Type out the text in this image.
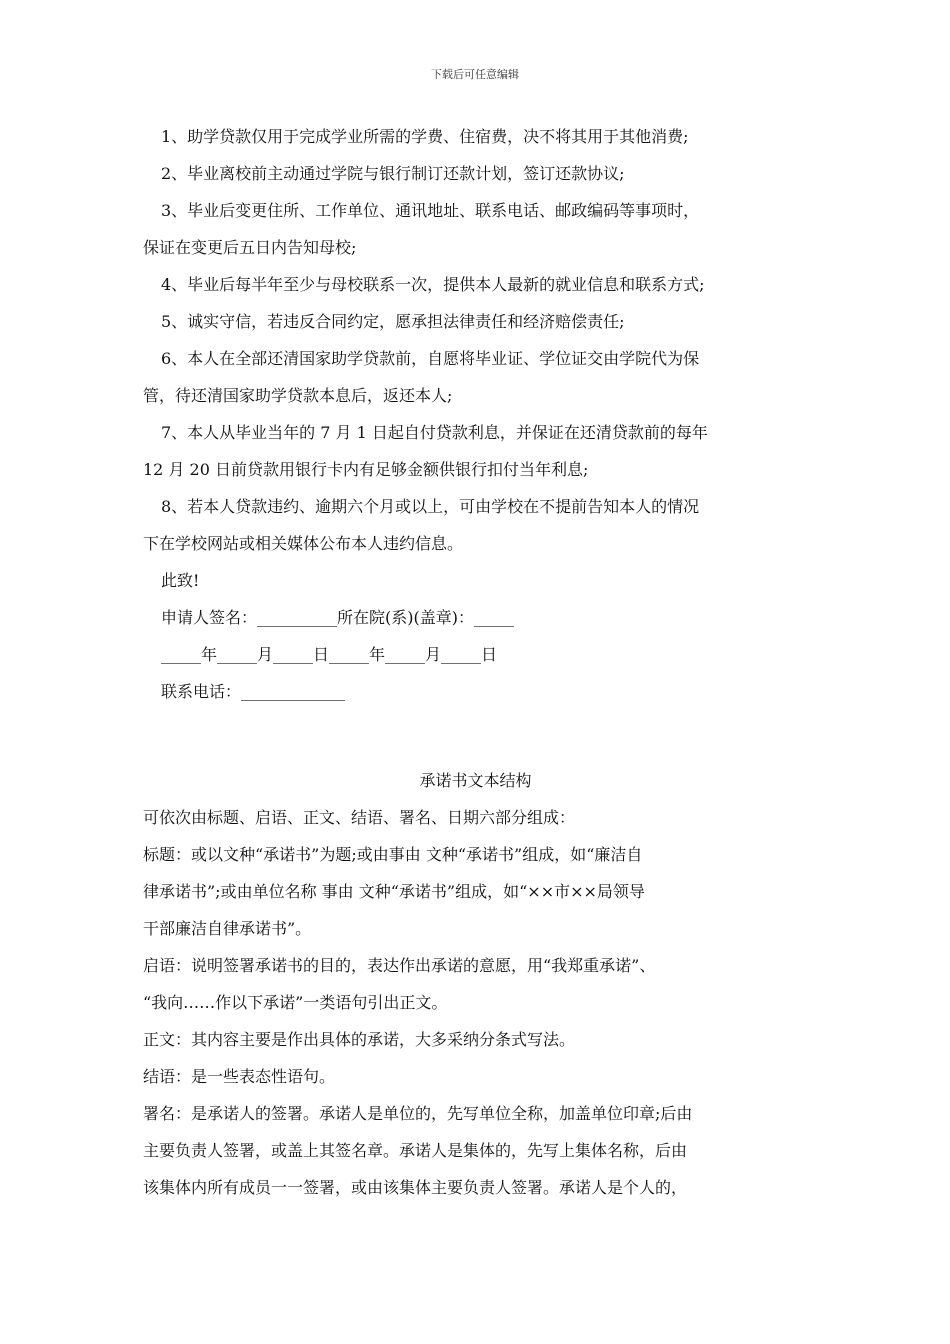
下载后可任意编辑
1、助学贷款仅用于完成学业所需的学费、住宿费，决不将其用于其他消费;
2、毕业离校前主动通过学院与银行制订还款计划，签订还款协议;
3、毕业后变更住所、工作单位、通讯地址、联系电话、邮政编码等事项时，
保证在变更后五日内告知母校;
4、毕业后每半年至少与母校联系一次，提供本人最新的就业信息和联系方式;
5、诚实守信，若违反合同约定，愿承担法律责任和经济赔偿责任;
6、本人在全部还清国家助学贷款前，自愿将毕业证、学位证交由学院代为保
管，待还清国家助学贷款本息后，返还本人;
7、本人从毕业当年的 7 月 1 日起自付贷款利息，并保证在还清贷款前的每年
12 月 20 日前贷款用银行卡内有足够金额供银行扣付当年利息;
8、若本人贷款违约、逾期六个月或以上，可由学校在不提前告知本人的情况
下在学校网站或相关媒体公布本人违约信息。
此致!
申请人签名：__________所在院(系)(盖章)：_____
_____年_____月_____日_____年_____月_____日
联系电话：_____________
承诺书文本结构
可依次由标题、启语、正文、结语、署名、日期六部分组成：
标题：或以文种“承诺书”为题;或由事由 文种“承诺书”组成，如“廉洁自
律承诺书”;或由单位名称 事由 文种“承诺书”组成，如“××市××局领导
干部廉洁自律承诺书”。
启语：说明签署承诺书的目的，表达作出承诺的意愿，用“我郑重承诺”、
“我向……作以下承诺”一类语句引出正文。
正文：其内容主要是作出具体的承诺，大多采纳分条式写法。
结语：是一些表态性语句。
署名：是承诺人的签署。承诺人是单位的，先写单位全称，加盖单位印章;后由
主要负责人签署，或盖上其签名章。承诺人是集体的，先写上集体名称，后由
该集体内所有成员一一签署，或由该集体主要负责人签署。承诺人是个人的，
